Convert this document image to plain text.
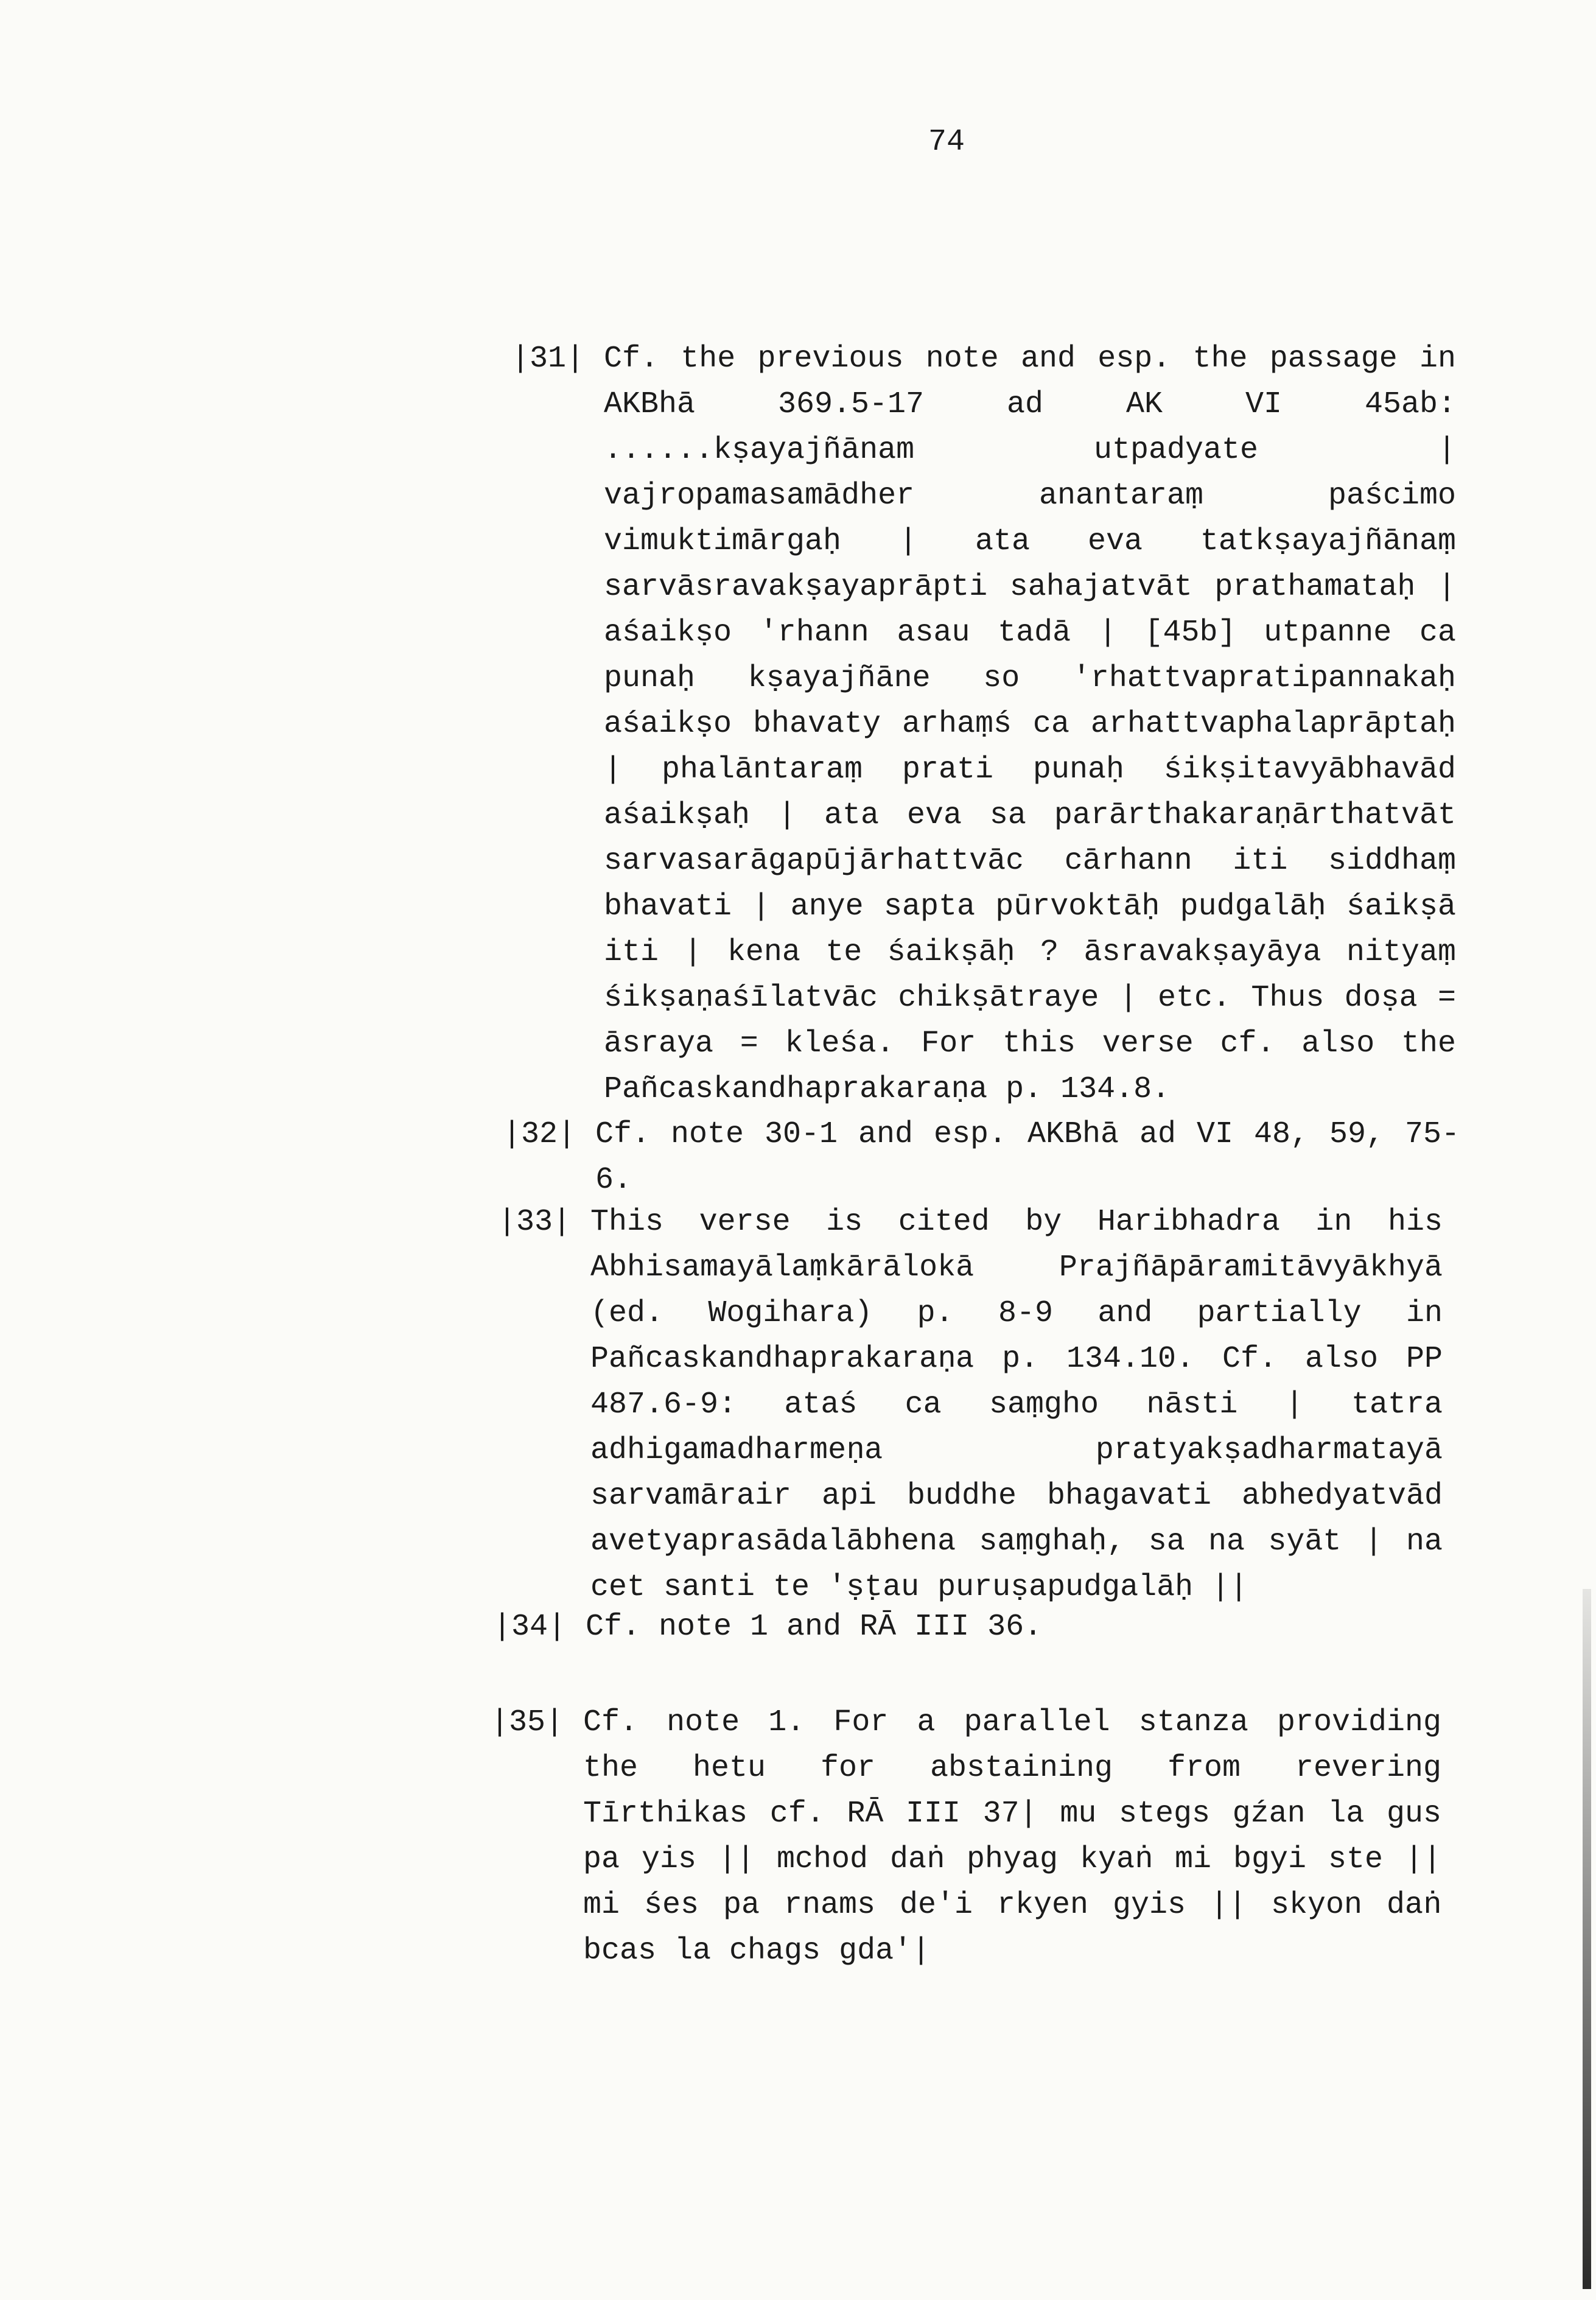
74
|31| Cf. the previous note and esp. the passage in AKBhā 369.5-17 ad AK VI 45ab: ......kṣayajñānam utpadyate | vajropamasamādher anantaraṃ paścimo vimuktimārgaḥ | ata eva tatkṣayajñānaṃ sarvāsravakṣayaprāpti sahajatvāt prathamataḥ | aśaikṣo 'rhann asau tadā | [45b] utpanne ca punaḥ kṣayajñāne so 'rhattvapratipannakaḥ aśaikṣo bhavaty arhaṃś ca arhattvaphalaprāptaḥ | phalāntaraṃ prati punaḥ śikṣitavyābhavād aśaikṣaḥ | ata eva sa parārthakaraṇārthatvāt sarvasarāgapūjārhattvāc cārhann iti siddhaṃ bhavati | anye sapta pūrvoktāḥ pudgalāḥ śaikṣā iti | kena te śaikṣāḥ ? āsravakṣayāya nityaṃ śikṣaṇaśīlatvāc chikṣātraye | etc. Thus doṣa = āsraya = kleśa. For this verse cf. also the Pañcaskandhaprakaraṇa p. 134.8.
|32| Cf. note 30-1 and esp. AKBhā ad VI 48, 59, 75-6.
|33| This verse is cited by Haribhadra in his Abhisamayālaṃkārālokā Prajñāpāramitāvyākhyā (ed. Wogihara) p. 8-9 and partially in Pañcaskandhaprakaraṇa p. 134.10. Cf. also PP 487.6-9: ataś ca saṃgho nāsti | tatra adhigamadharmeṇa pratyakṣadharmatayā sarvamārair api buddhe bhagavati abhedyatvād avetyaprasādalābhena saṃghaḥ, sa na syāt | na cet santi te 'ṣṭau puruṣapudgalāḥ ||
|34| Cf. note 1 and RĀ III 36.
|35| Cf. note 1. For a parallel stanza providing the hetu for abstaining from revering Tīrthikas cf. RĀ III 37| mu stegs gźan la gus pa yis || mchod daṅ phyag kyaṅ mi bgyi ste || mi śes pa rnams de'i rkyen gyis || skyon daṅ bcas la chags gda'|
